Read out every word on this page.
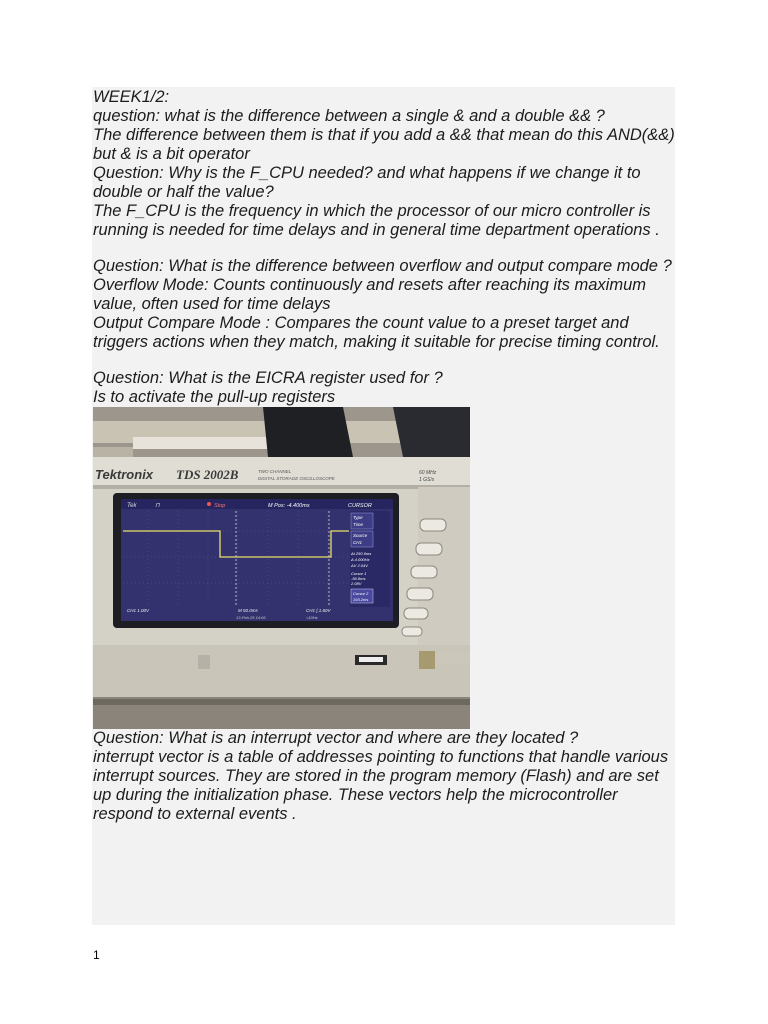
WEEK1/2:

question: what is the difference between a single & and a double && ?

The difference between them is that if you add a && that mean do this AND(&&) but & is a bit operator

Question: Why is the F_CPU needed? and what happens if we change it to double or half the value?

The F_CPU is the frequency in which the processor of our micro controller is running is needed for time delays and in general time department operations .

Question: What is the difference between overflow and output compare mode ?

Overflow Mode: Counts continuously and resets after reaching its maximum value, often used for time delays

Output Compare Mode : Compares the count value to a preset target and triggers actions when they match, making it suitable for precise timing control.

Question: What is the EICRA register used for ?

Is to activate the pull-up registers

Tektronix TDS 2002B	TWO CHANNEL
DIGITAL STORAGE OSCILLOSCOPE
60 MHz
1 GS/s
Tek	⊓	Stop	M Pos: -4.400ms	CURSOR
Type
Time
Source
CH1
Δt 250.0ms
Δ 4.000Hz
ΔV 2.04V
Cursor 1
-56.8ms
2.08V
Cursor 2
193.2ms
CH1 1.00V	M 50.0ms	CH1 ∫ 1.60V
13-Feb-25 14:06	<10Hz

Question: What is an interrupt vector and where are they located ?

interrupt vector is a table of addresses pointing to functions that handle various interrupt sources. They are stored in the program memory (Flash) and are set up during the initialization phase. These vectors help the microcontroller respond to external events .

1
